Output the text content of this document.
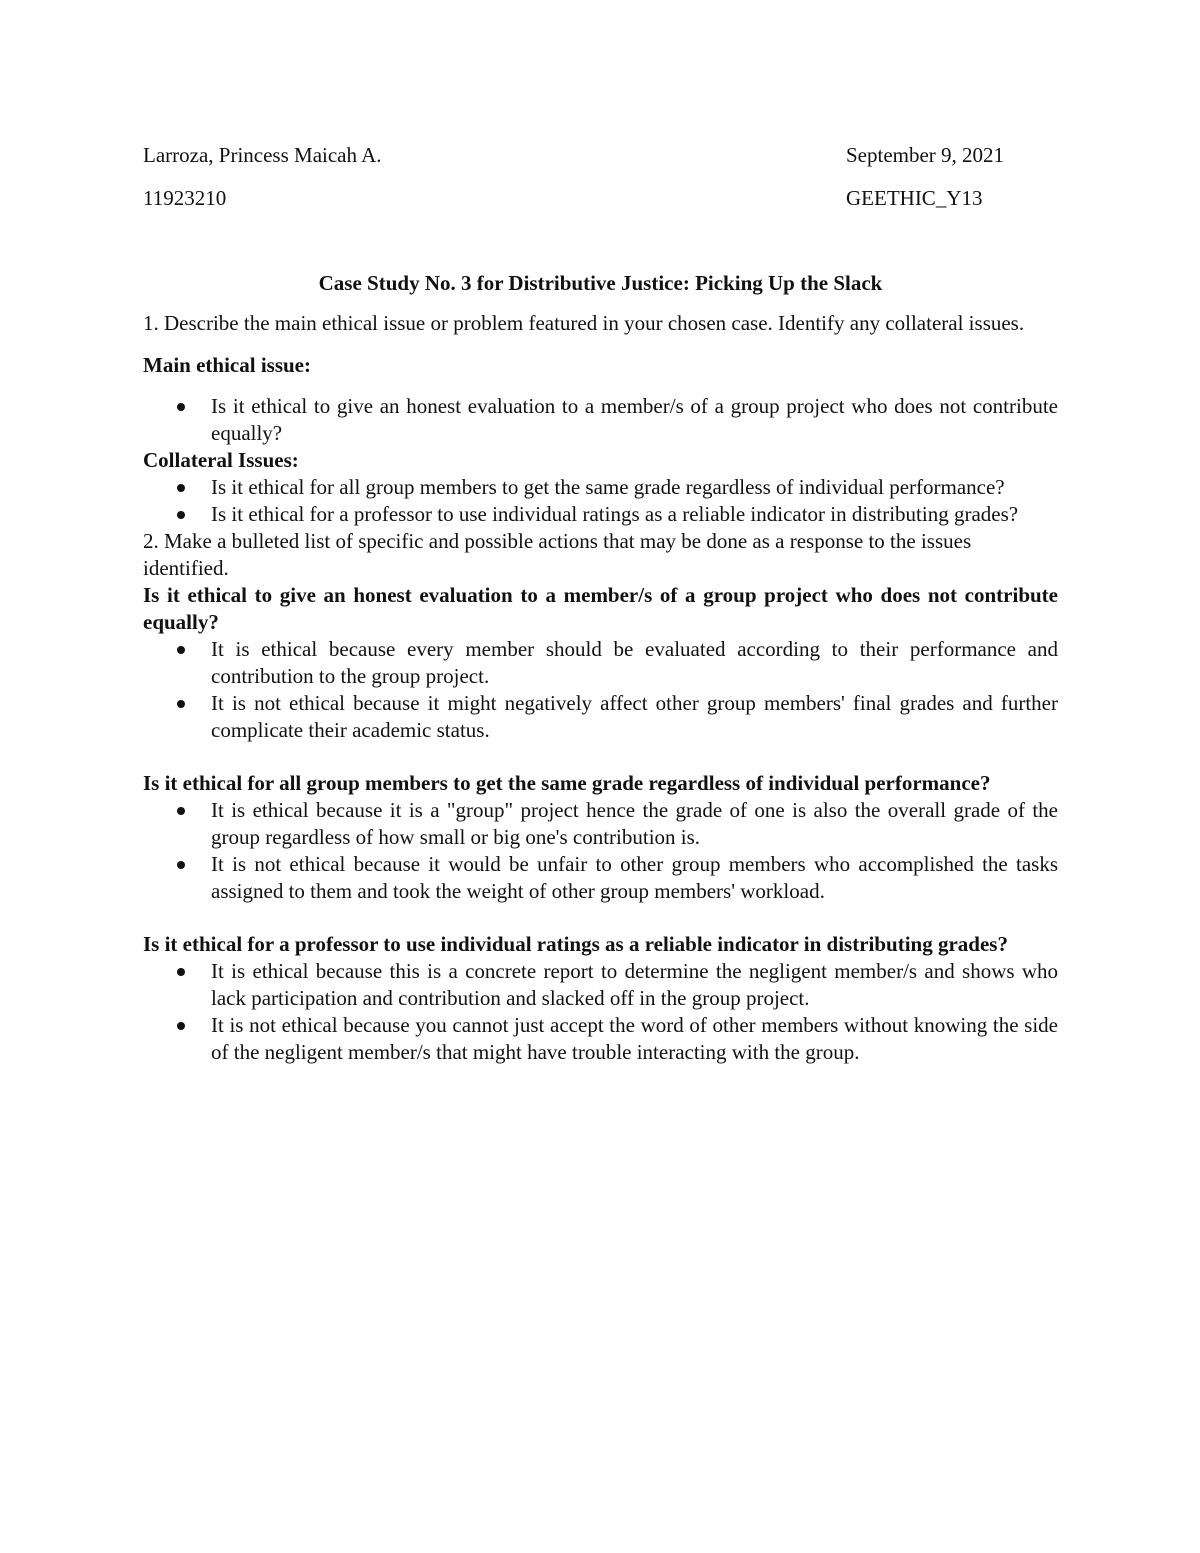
Larroza, Princess Maicah A.	September 9, 2021
11923210	GEETHIC_Y13
Case Study No. 3 for Distributive Justice: Picking Up the Slack
1. Describe the main ethical issue or problem featured in your chosen case. Identify any collateral issues.
Main ethical issue:
Is it ethical to give an honest evaluation to a member/s of a group project who does not contribute equally?
Collateral Issues:
Is it ethical for all group members to get the same grade regardless of individual performance?
Is it ethical for a professor to use individual ratings as a reliable indicator in distributing grades?
2. Make a bulleted list of specific and possible actions that may be done as a response to the issues identified.
Is it ethical to give an honest evaluation to a member/s of a group project who does not contribute equally?
It is ethical because every member should be evaluated according to their performance and contribution to the group project.
It is not ethical because it might negatively affect other group members' final grades and further complicate their academic status.
Is it ethical for all group members to get the same grade regardless of individual performance?
It is ethical because it is a "group" project hence the grade of one is also the overall grade of the group regardless of how small or big one's contribution is.
It is not ethical because it would be unfair to other group members who accomplished the tasks assigned to them and took the weight of other group members' workload.
Is it ethical for a professor to use individual ratings as a reliable indicator in distributing grades?
It is ethical because this is a concrete report to determine the negligent member/s and shows who lack participation and contribution and slacked off in the group project.
It is not ethical because you cannot just accept the word of other members without knowing the side of the negligent member/s that might have trouble interacting with the group.
